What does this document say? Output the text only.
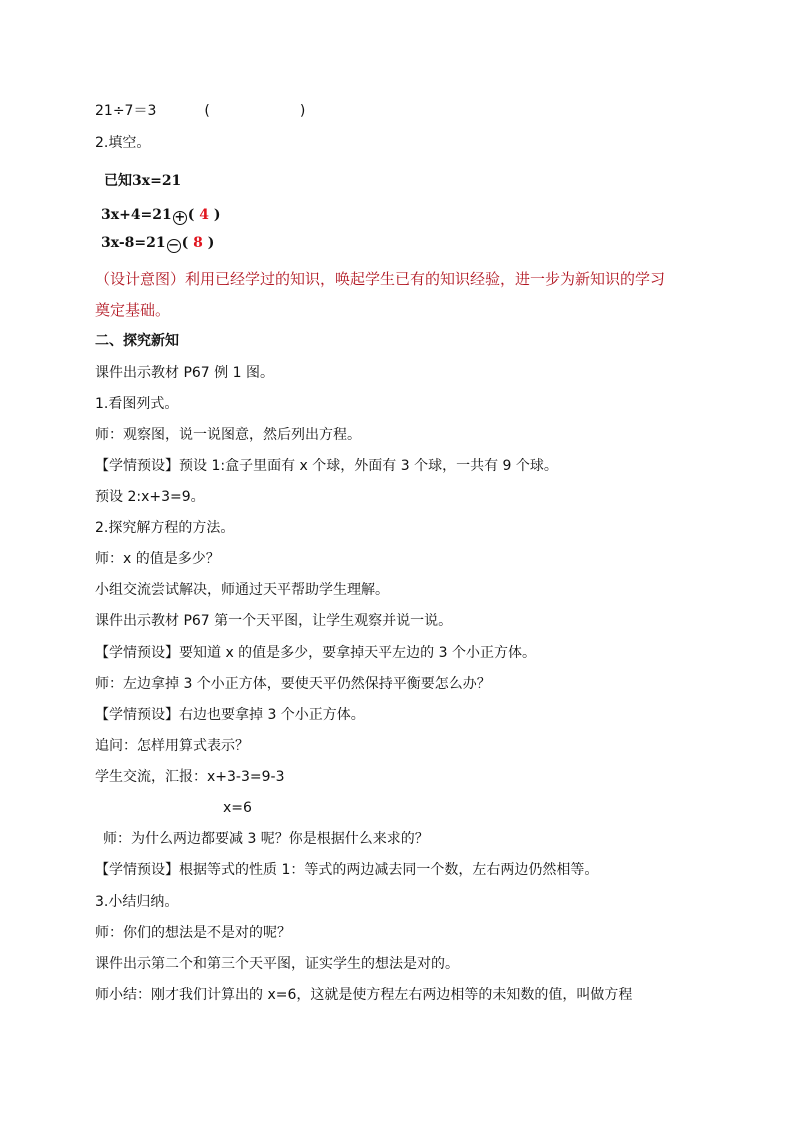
21÷7＝3	(	)
2.填空。
已知3x=21
3x+4=21 + ( 4 )
3x-8=21 − ( 8 )
（设计意图）利用已经学过的知识，唤起学生已有的知识经验，进一步为新知识的学习
奠定基础。
二、探究新知
课件出示教材 P67 例 1 图。
1.看图列式。
师：观察图，说一说图意，然后列出方程。
【学情预设】预设 1:盒子里面有 x 个球，外面有 3 个球，一共有 9 个球。
预设 2:x+3=9。
2.探究解方程的方法。
师：x 的值是多少？
小组交流尝试解决，师通过天平帮助学生理解。
课件出示教材 P67 第一个天平图，让学生观察并说一说。
【学情预设】要知道 x 的值是多少，要拿掉天平左边的 3 个小正方体。
师：左边拿掉 3 个小正方体，要使天平仍然保持平衡要怎么办？
【学情预设】右边也要拿掉 3 个小正方体。
追问：怎样用算式表示？
学生交流，汇报：x+3-3=9-3
x=6
师：为什么两边都要减 3 呢？你是根据什么来求的？
【学情预设】根据等式的性质 1：等式的两边减去同一个数，左右两边仍然相等。
3.小结归纳。
师：你们的想法是不是对的呢？
课件出示第二个和第三个天平图，证实学生的想法是对的。
师小结：刚才我们计算出的 x=6，这就是使方程左右两边相等的未知数的值，叫做方程
